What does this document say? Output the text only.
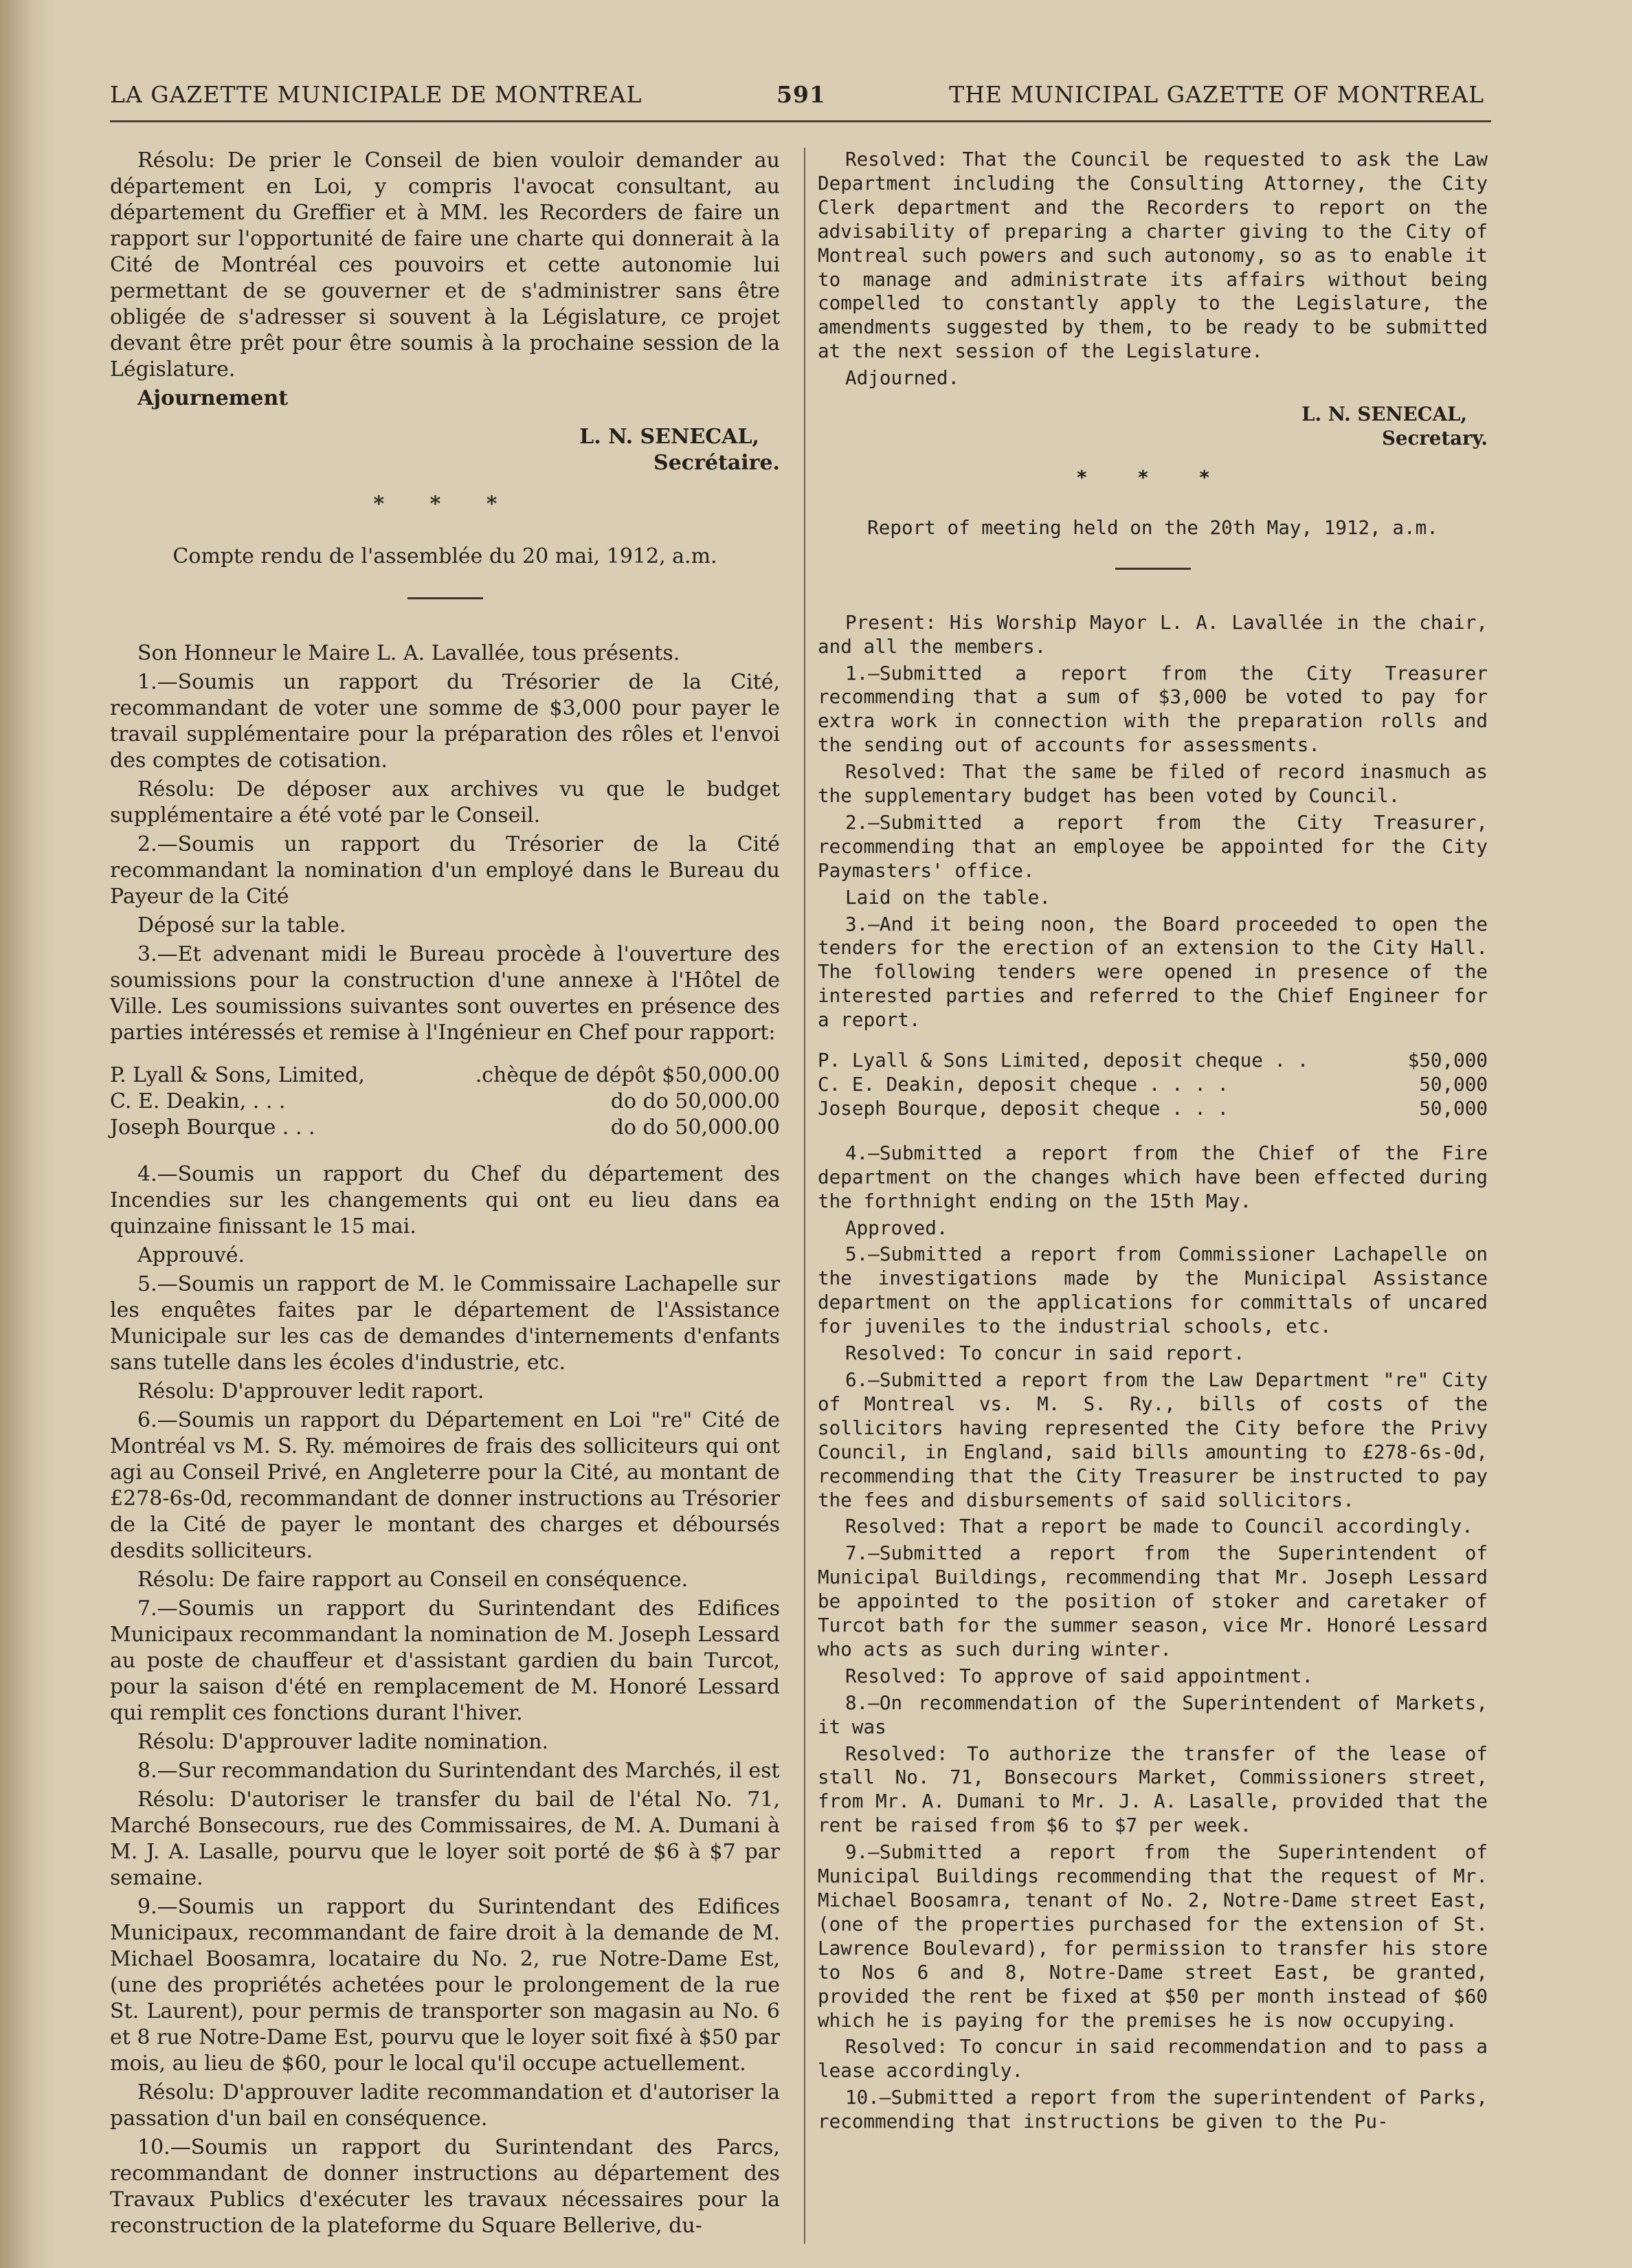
LA GAZETTE MUNICIPALE DE MONTREAL	591	THE MUNICIPAL GAZETTE OF MONTREAL

Résolu: De prier le Conseil de bien vouloir demander au département en Loi, y compris l'avocat consultant, au département du Greffier et à MM. les Recorders de faire un rapport sur l'opportunité de faire une charte qui donnerait à la Cité de Montréal ces pouvoirs et cette autonomie lui permettant de se gouverner et de s'administrer sans être obligée de s'adresser si souvent à la Législature, ce projet devant être prêt pour être soumis à la prochaine session de la Législature.

Ajournement

L. N. SENECAL,
Secrétaire.
* * *
Compte rendu de l'assemblée du 20 mai, 1912, a.m.

Son Honneur le Maire L. A. Lavallée, tous présents.

1.—Soumis un rapport du Trésorier de la Cité, recommandant de voter une somme de $3,000 pour payer le travail supplémentaire pour la préparation des rôles et l'envoi des comptes de cotisation.

Résolu: De déposer aux archives vu que le budget supplémentaire a été voté par le Conseil.

2.—Soumis un rapport du Trésorier de la Cité recommandant la nomination d'un employé dans le Bureau du Payeur de la Cité

Déposé sur la table.

3.—Et advenant midi le Bureau procède à l'ouverture des soumissions pour la construction d'une annexe à l'Hôtel de Ville. Les soumissions suivantes sont ouvertes en présence des parties intéressés et remise à l'Ingénieur en Chef pour rapport:

P. Lyall & Sons, Limited,	.chèque de dépôt $50,000.00
C. E. Deakin, . . .	do do 50,000.00
Joseph Bourque . . .	do do 50,000.00

4.—Soumis un rapport du Chef du département des Incendies sur les changements qui ont eu lieu dans ea quinzaine finissant le 15 mai.

Approuvé.

5.—Soumis un rapport de M. le Commissaire Lachapelle sur les enquêtes faites par le département de l'Assistance Municipale sur les cas de demandes d'internements d'enfants sans tutelle dans les écoles d'industrie, etc.

Résolu: D'approuver ledit raport.

6.—Soumis un rapport du Département en Loi "re" Cité de Montréal vs M. S. Ry. mémoires de frais des solliciteurs qui ont agi au Conseil Privé, en Angleterre pour la Cité, au montant de £278-6s-0d, recommandant de donner instructions au Trésorier de la Cité de payer le montant des charges et déboursés desdits solliciteurs.

Résolu: De faire rapport au Conseil en conséquence.

7.—Soumis un rapport du Surintendant des Edifices Municipaux recommandant la nomination de M. Joseph Lessard au poste de chauffeur et d'assistant gardien du bain Turcot, pour la saison d'été en remplacement de M. Honoré Lessard qui remplit ces fonctions durant l'hiver.

Résolu: D'approuver ladite nomination.

8.—Sur recommandation du Surintendant des Marchés, il est

Résolu: D'autoriser le transfer du bail de l'étal No. 71, Marché Bonsecours, rue des Commissaires, de M. A. Dumani à M. J. A. Lasalle, pourvu que le loyer soit porté de $6 à $7 par semaine.

9.—Soumis un rapport du Surintendant des Edifices Municipaux, recommandant de faire droit à la demande de M. Michael Boosamra, locataire du No. 2, rue Notre-Dame Est, (une des propriétés achetées pour le prolongement de la rue St. Laurent), pour permis de transporter son magasin au No. 6 et 8 rue Notre-Dame Est, pourvu que le loyer soit fixé à $50 par mois, au lieu de $60, pour le local qu'il occupe actuellement.

Résolu: D'approuver ladite recommandation et d'autoriser la passation d'un bail en conséquence.

10.—Soumis un rapport du Surintendant des Parcs, recommandant de donner instructions au département des Travaux Publics d'exécuter les travaux nécessaires pour la reconstruction de la plateforme du Square Bellerive, du-

Resolved: That the Council be requested to ask the Law Department including the Consulting Attorney, the City Clerk department and the Recorders to report on the advisability of preparing a charter giving to the City of Montreal such powers and such autonomy, so as to enable it to manage and administrate its affairs without being compelled to constantly apply to the Legislature, the amendments suggested by them, to be ready to be submitted at the next session of the Legislature.

Adjourned.

L. N. SENECAL,
Secretary.
* * *
Report of meeting held on the 20th May, 1912, a.m.

Present: His Worship Mayor L. A. Lavallée in the chair, and all the members.

1.—Submitted a report from the City Treasurer recommending that a sum of $3,000 be voted to pay for extra work in connection with the preparation rolls and the sending out of accounts for assessments.

Resolved: That the same be filed of record inasmuch as the supplementary budget has been voted by Council.

2.—Submitted a report from the City Treasurer, recommending that an employee be appointed for the City Paymasters' office.

Laid on the table.

3.—And it being noon, the Board proceeded to open the tenders for the erection of an extension to the City Hall. The following tenders were opened in presence of the interested parties and referred to the Chief Engineer for a report.

P. Lyall & Sons Limited, deposit cheque . .	$50,000
C. E. Deakin, deposit cheque . . . .	50,000
Joseph Bourque, deposit cheque . . .	50,000

4.—Submitted a report from the Chief of the Fire department on the changes which have been effected during the forthnight ending on the 15th May.

Approved.

5.—Submitted a report from Commissioner Lachapelle on the investigations made by the Municipal Assistance department on the applications for committals of uncared for juveniles to the industrial schools, etc.

Resolved: To concur in said report.

6.—Submitted a report from the Law Department "re" City of Montreal vs. M. S. Ry., bills of costs of the sollicitors having represented the City before the Privy Council, in England, said bills amounting to £278-6s-0d, recommending that the City Treasurer be instructed to pay the fees and disbursements of said sollicitors.

Resolved: That a report be made to Council accordingly.

7.—Submitted a report from the Superintendent of Municipal Buildings, recommending that Mr. Joseph Lessard be appointed to the position of stoker and caretaker of Turcot bath for the summer season, vice Mr. Honoré Lessard who acts as such during winter.

Resolved: To approve of said appointment.

8.—On recommendation of the Superintendent of Markets, it was

Resolved: To authorize the transfer of the lease of stall No. 71, Bonsecours Market, Commissioners street, from Mr. A. Dumani to Mr. J. A. Lasalle, provided that the rent be raised from $6 to $7 per week.

9.—Submitted a report from the Superintendent of Municipal Buildings recommending that the request of Mr. Michael Boosamra, tenant of No. 2, Notre-Dame street East, (one of the properties purchased for the extension of St. Lawrence Boulevard), for permission to transfer his store to Nos 6 and 8, Notre-Dame street East, be granted, provided the rent be fixed at $50 per month instead of $60 which he is paying for the premises he is now occupying.

Resolved: To concur in said recommendation and to pass a lease accordingly.

10.—Submitted a report from the superintendent of Parks, recommending that instructions be given to the Pu-
